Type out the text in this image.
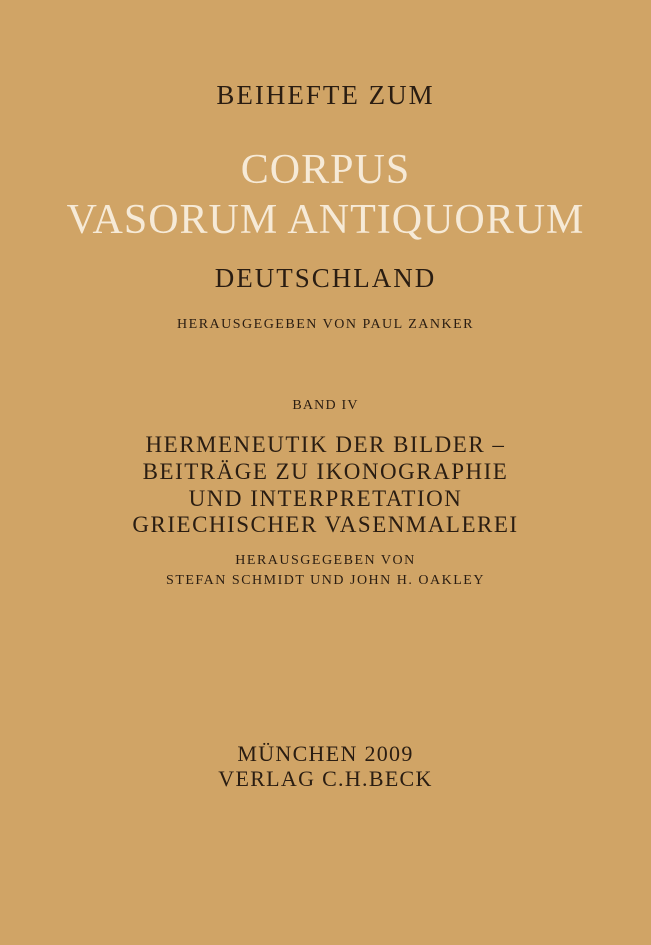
BEIHEFTE ZUM
CORPUS
VASORUM ANTIQUORUM
DEUTSCHLAND
HERAUSGEGEBEN VON PAUL ZANKER
BAND IV
HERMENEUTIK DER BILDER –
BEITRÄGE ZU IKONOGRAPHIE
UND INTERPRETATION
GRIECHISCHER VASENMALEREI
HERAUSGEGEBEN VON
STEFAN SCHMIDT UND JOHN H. OAKLEY
MÜNCHEN 2009
VERLAG C.H.BECK
